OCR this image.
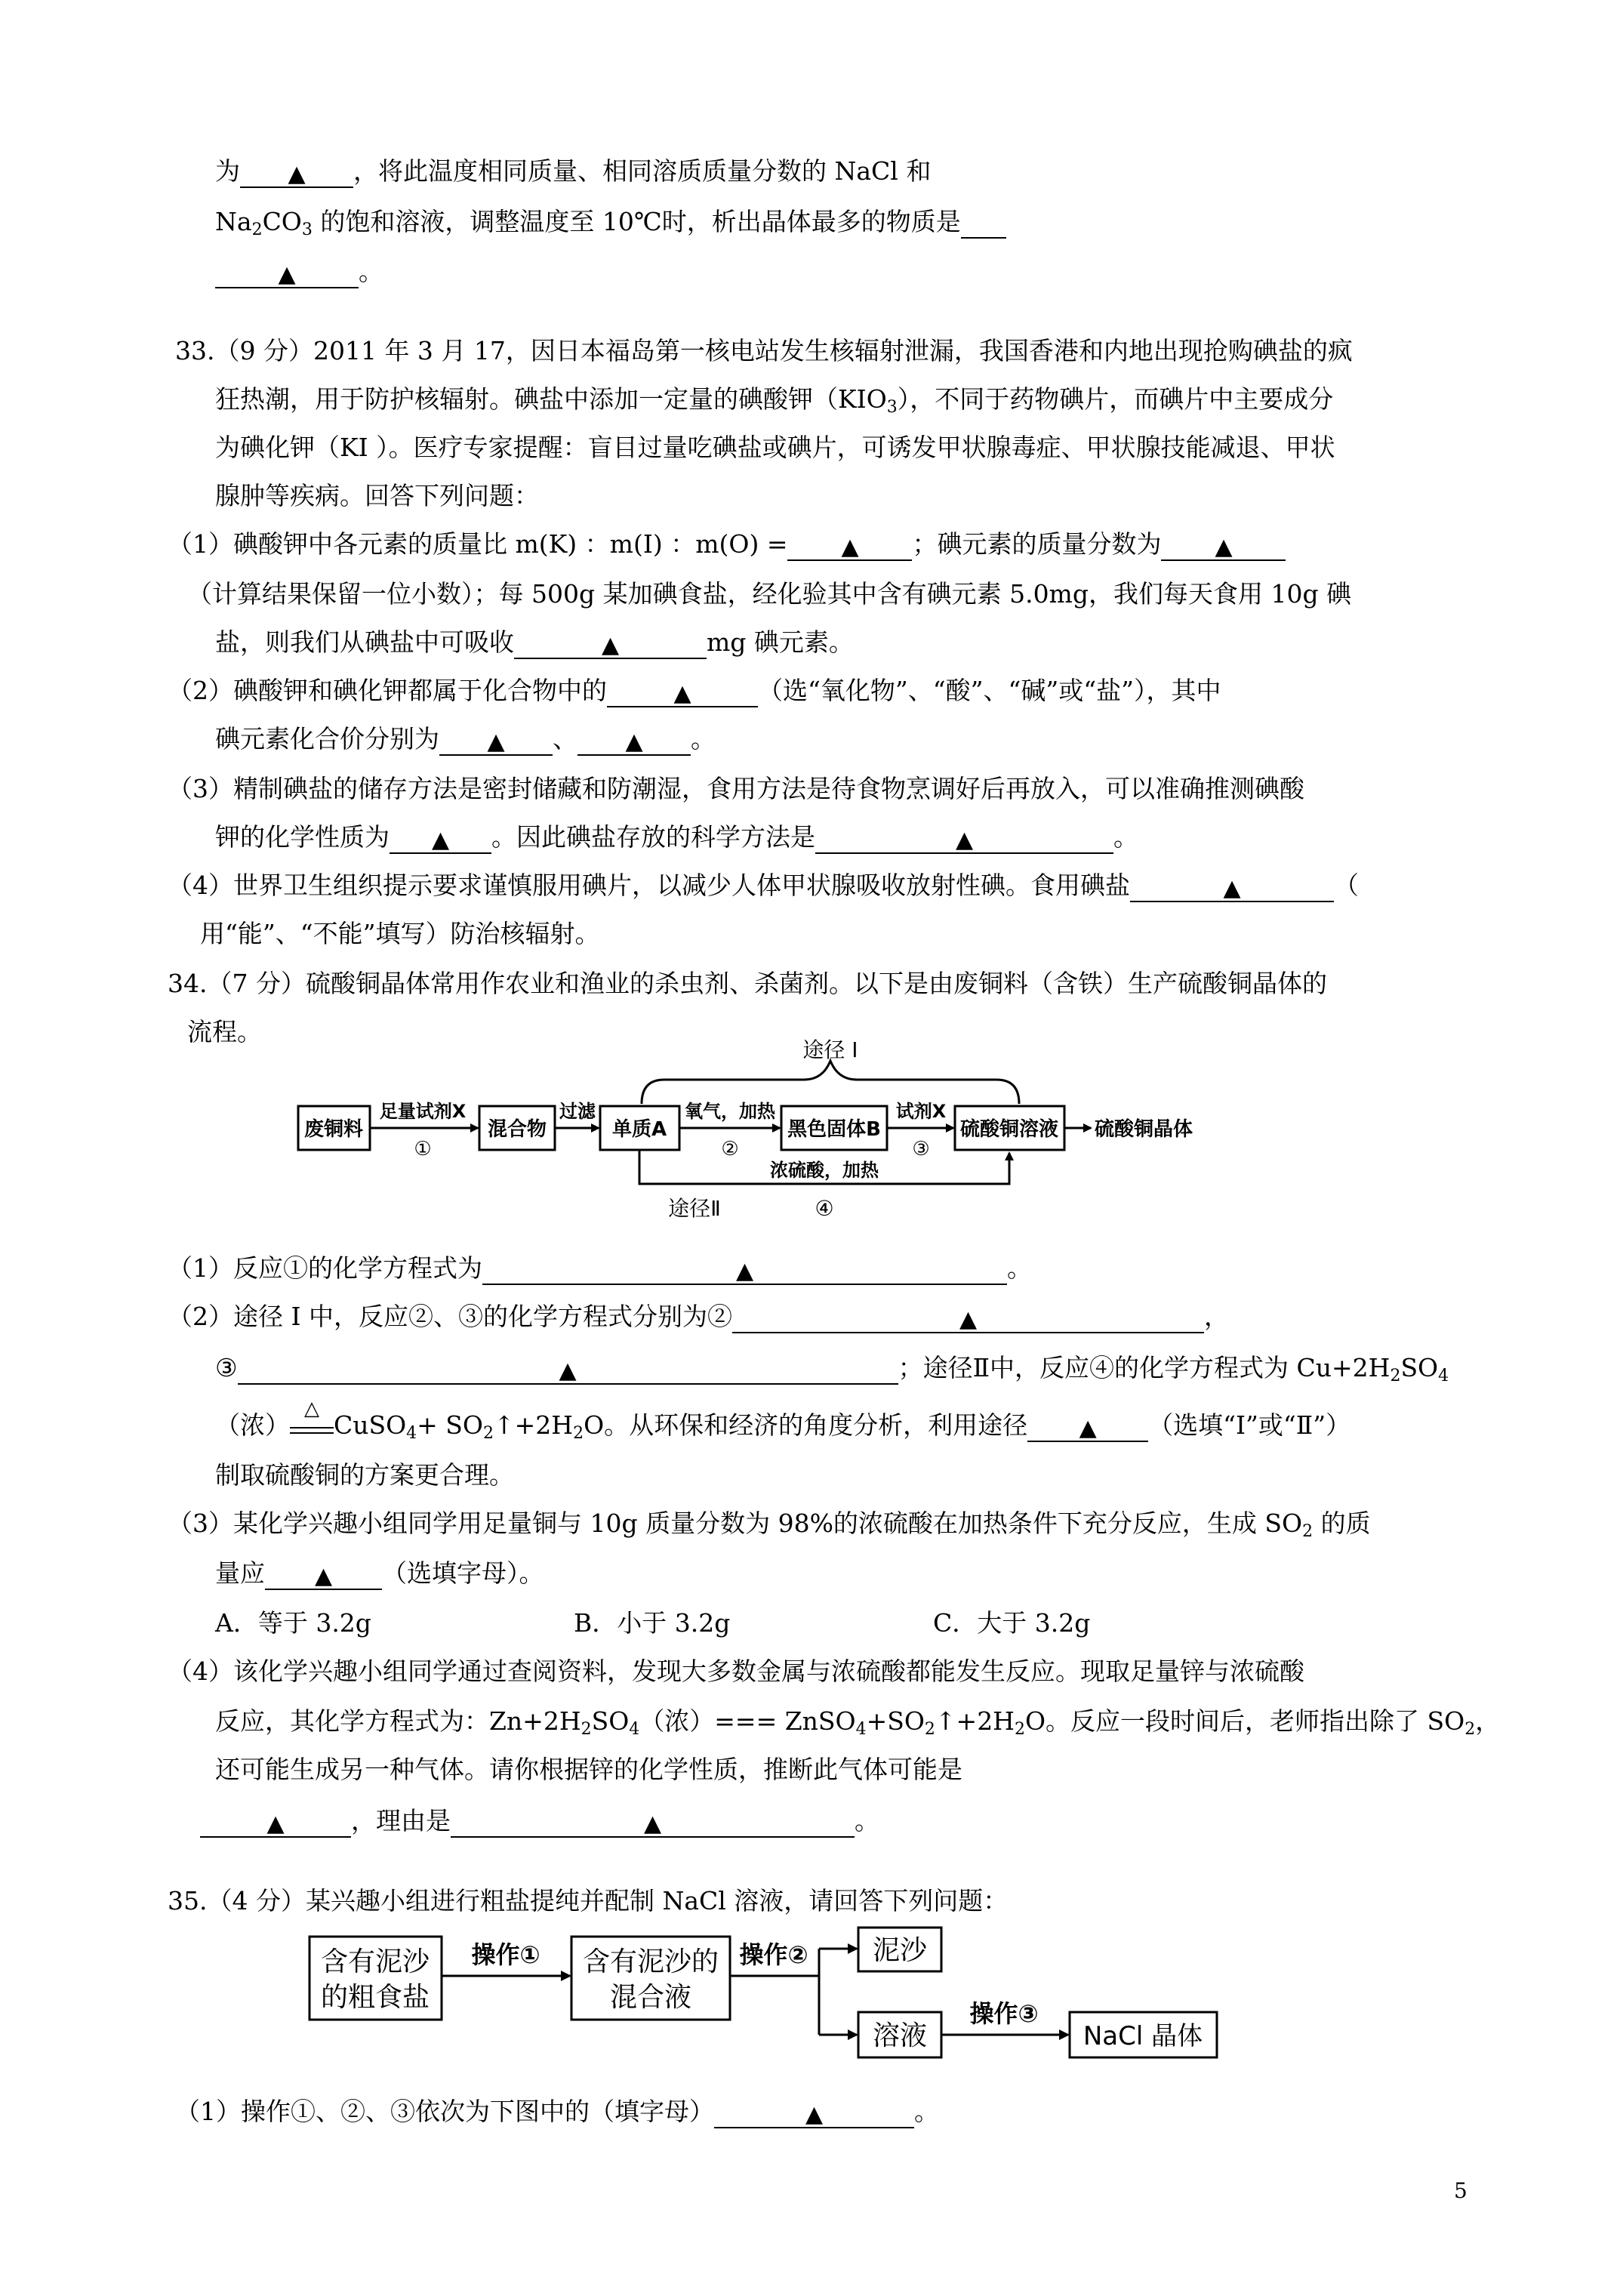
为 ▲ ，将此温度相同质量、相同溶质质量分数的 NaCl 和
$Na_2CO_3$ 的饱和溶液，调整温度至 10℃时，析出晶体最多的物质是
▲	。
33.（9 分）2011 年 3 月 17，因日本福岛第一核电站发生核辐射泄漏，我国香港和内地出现抢购碘盐的疯
狂热潮，用于防护核辐射。碘盐中添加一定量的碘酸钾$(KIO_3)$，不同于药物碘片，而碘片中主要成分
为碘化钾（KI ）。医疗专家提醒：盲目过量吃碘盐或碘片，可诱发甲状腺毒症、甲状腺技能减退、甲状
腺肿等疾病。回答下列问题：
（1）碘酸钾中各元素的质量比 m(K) ：m(I) ：m(O) = ▲ ；碘元素的质量分数为 ▲
（计算结果保留一位小数）；每 500g 某加碘食盐，经化验其中含有碘元素 5.0mg，我们每天食用 10g 碘
盐，则我们从碘盐中可吸收	▲	mg 碘元素。
（2）碘酸钾和碘化钾都属于化合物中的	▲	（选“氧化物”、“酸”、“碱”或“盐”），其中
碘元素化合价分别为 ▲ 、 ▲ 。
（3）精制碘盐的储存方法是密封储藏和防潮湿，食用方法是待食物烹调好后再放入，可以准确推测碘酸
钾的化学性质为 ▲ 。因此碘盐存放的科学方法是	▲	。
（4）世界卫生组织提示要求谨慎服用碘片，以减少人体甲状腺吸收放射性碘。食用碘盐	▲	（
用“能”、“不能”填写）防治核辐射。
34.（7 分）硫酸铜晶体常用作农业和渔业的杀虫剂、杀菌剂。以下是由废铜料（含铁）生产硫酸铜晶体的
流程。
途径 I
废铜料	混合物	单质A	黑色固体B	硫酸铜溶液
足量试剂X
①
过滤	氧气，加热
②
试剂X
③
硫酸铜晶体
浓硫酸，加热
途径Ⅱ	④
（1）反应①的化学方程式为	▲	。
（2）途径 I 中，反应②、③的化学方程式分别为②	▲	，
③	▲	；途径Ⅱ中，反应④的化学方程式为 $Cu+2H_2SO_4$
（浓）
△
CuSO$_4$+ $SO_2↑+2H_2O$。从环保和经济的角度分析，利用途径 ▲ （选填“I”或“Ⅱ”）
制取硫酸铜的方案更合理。
（3）某化学兴趣小组同学用足量铜与 10g 质量分数为 98%的浓硫酸在加热条件下充分反应，生成 $SO_2$ 的质
量应 ▲ （选填字母）。
A．等于 3.2g	B．小于 3.2g	C．大于 3.2g
（4）该化学兴趣小组同学通过查阅资料，发现大多数金属与浓硫酸都能发生反应。现取足量锌与浓硫酸
反应，其化学方程式为：$Zn+2H_2SO_4$（浓）=== $ZnSO_4+SO_2↑+2H_2O$。反应一段时间后，老师指出除了 $SO_2$，
还可能生成另一种气体。请你根据锌的化学性质，推断此气体可能是
▲	，理由是	▲	。
35.（4 分）某兴趣小组进行粗盐提纯并配制 NaCl 溶液，请回答下列问题：
含有泥沙
的粗食盐
操作① 含有泥沙的
混合液
操作② 泥沙
溶液
操作③
NaCl 晶体
（1）操作①、②、③依次为下图中的（填字母）	▲	。
5
